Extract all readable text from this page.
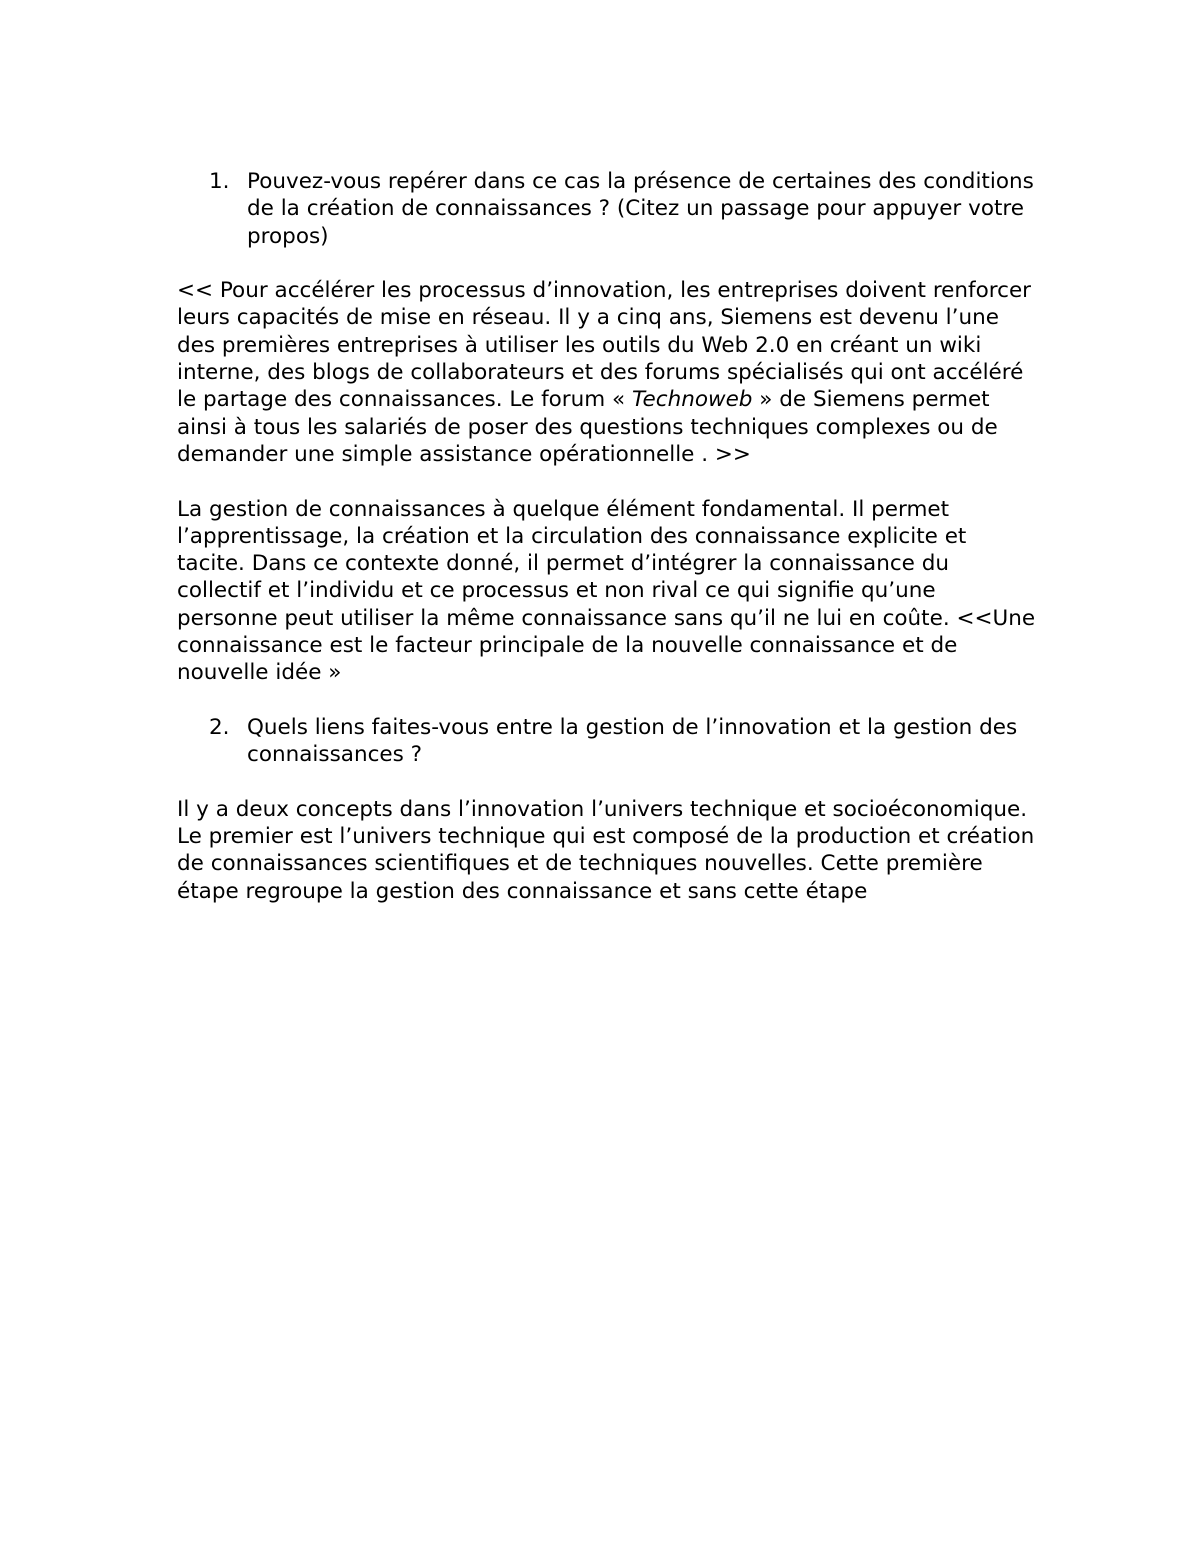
1. Pouvez-vous repérer dans ce cas la présence de certaines des conditions de la création de connaissances ? (Citez un passage pour appuyer votre propos)

<< Pour accélérer les processus d’innovation, les entreprises doivent renforcer leurs capacités de mise en réseau. Il y a cinq ans, Siemens est devenu l’une des premières entreprises à utiliser les outils du Web 2.0 en créant un wiki interne, des blogs de collaborateurs et des forums spécialisés qui ont accéléré le partage des connaissances. Le forum « Technoweb » de Siemens permet ainsi à tous les salariés de poser des questions techniques complexes ou de demander une simple assistance opérationnelle . >>

La gestion de connaissances à quelque élément fondamental. Il permet l’apprentissage, la création et la circulation des connaissance explicite et tacite. Dans ce contexte donné, il permet d’intégrer la connaissance du collectif et l’individu et ce processus et non rival ce qui signifie qu’une personne peut utiliser la même connaissance sans qu’il ne lui en coûte. <<Une connaissance est le facteur principale de la nouvelle connaissance et de nouvelle idée »

2. Quels liens faites-vous entre la gestion de l’innovation et la gestion des connaissances ?

Il y a deux concepts dans l’innovation l’univers technique et socioéconomique. Le premier est l’univers technique qui est composé de la production et création de connaissances scientifiques et de techniques nouvelles. Cette première étape regroupe la gestion des connaissance et sans cette étape
